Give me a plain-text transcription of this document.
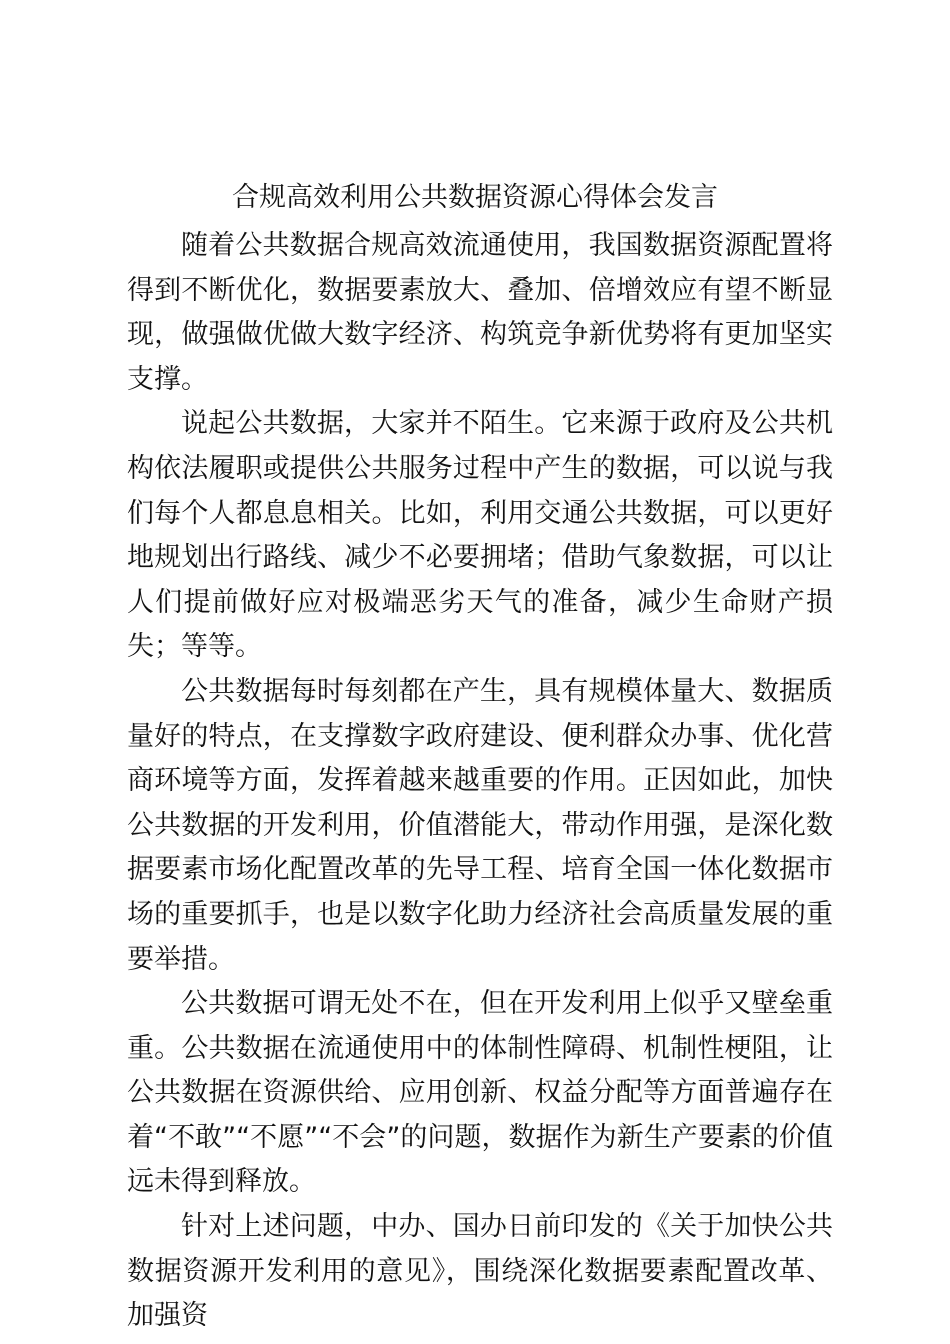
合规高效利用公共数据资源心得体会发言

随着公共数据合规高效流通使用，我国数据资源配置将得到不断优化，数据要素放大、叠加、倍增效应有望不断显现，做强做优做大数字经济、构筑竞争新优势将有更加坚实支撑。

说起公共数据，大家并不陌生。它来源于政府及公共机构依法履职或提供公共服务过程中产生的数据，可以说与我们每个人都息息相关。比如，利用交通公共数据，可以更好地规划出行路线、减少不必要拥堵；借助气象数据，可以让人们提前做好应对极端恶劣天气的准备，减少生命财产损失；等等。

公共数据每时每刻都在产生，具有规模体量大、数据质量好的特点，在支撑数字政府建设、便利群众办事、优化营商环境等方面，发挥着越来越重要的作用。正因如此，加快公共数据的开发利用，价值潜能大，带动作用强，是深化数据要素市场化配置改革的先导工程、培育全国一体化数据市场的重要抓手，也是以数字化助力经济社会高质量发展的重要举措。

公共数据可谓无处不在，但在开发利用上似乎又壁垒重重。公共数据在流通使用中的体制性障碍、机制性梗阻，让公共数据在资源供给、应用创新、权益分配等方面普遍存在着“不敢”“不愿”“不会”的问题，数据作为新生产要素的价值远未得到释放。

针对上述问题，中办、国办日前印发的《关于加快公共数据资源开发利用的意见》，围绕深化数据要素配置改革、加强资
